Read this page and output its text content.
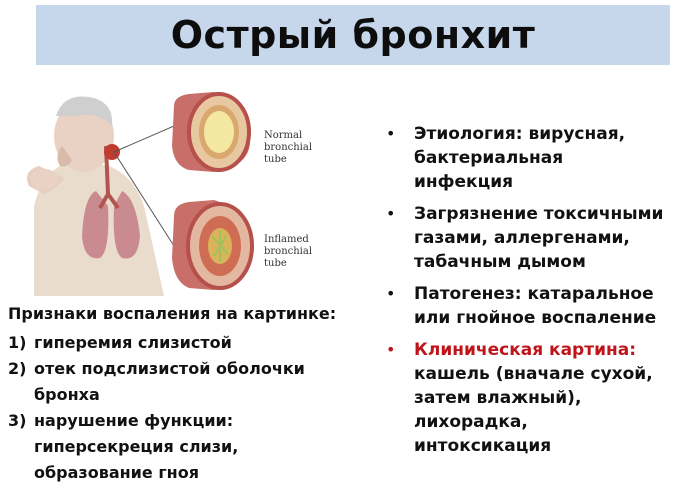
Острый бронхит
Normal
bronchial
tube
Inflamed
bronchial
tube
Признаки воспаления на картинке:
1) гиперемия слизистой
2) отек подслизистой оболочки
бронха
3) нарушение функции:
гиперсекреция слизи,
образование гноя
•	Этиология: вирусная,
бактериальная
инфекция
•	Загрязнение токсичными
газами, аллергенами,
табачным дымом
•	Патогенез: катаральное
или гнойное воспаление
•	Клиническая картина:
кашель (вначале сухой,
затем влажный),
лихорадка,
интоксикация
